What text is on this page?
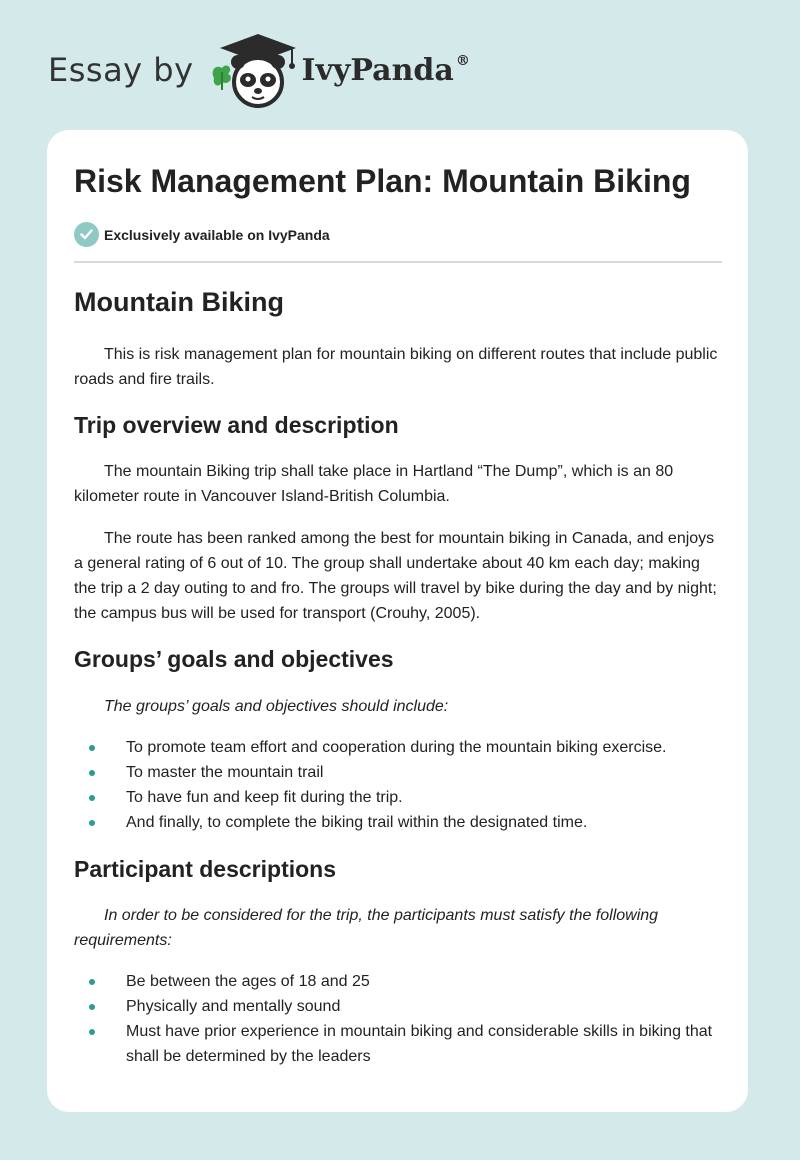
Essay by	IvyPanda ®
Risk Management Plan: Mountain Biking
Exclusively available on IvyPanda
Mountain Biking

This is risk management plan for mountain biking on different routes that include public roads and fire trails.

Trip overview and description

The mountain Biking trip shall take place in Hartland “The Dump”, which is an 80 kilometer route in Vancouver Island-British Columbia.

The route has been ranked among the best for mountain biking in Canada, and enjoys a general rating of 6 out of 10. The group shall undertake about 40 km each day; making the trip a 2 day outing to and fro. The groups will travel by bike during the day and by night; the campus bus will be used for transport (Crouhy, 2005).

Groups’ goals and objectives

The groups’ goals and objectives should include:

To promote team effort and cooperation during the mountain biking exercise.
To master the mountain trail
To have fun and keep fit during the trip.
And finally, to complete the biking trail within the designated time.
Participant descriptions

In order to be considered for the trip, the participants must satisfy the following requirements:

Be between the ages of 18 and 25
Physically and mentally sound
Must have prior experience in mountain biking and considerable skills in biking that shall be determined by the leaders
